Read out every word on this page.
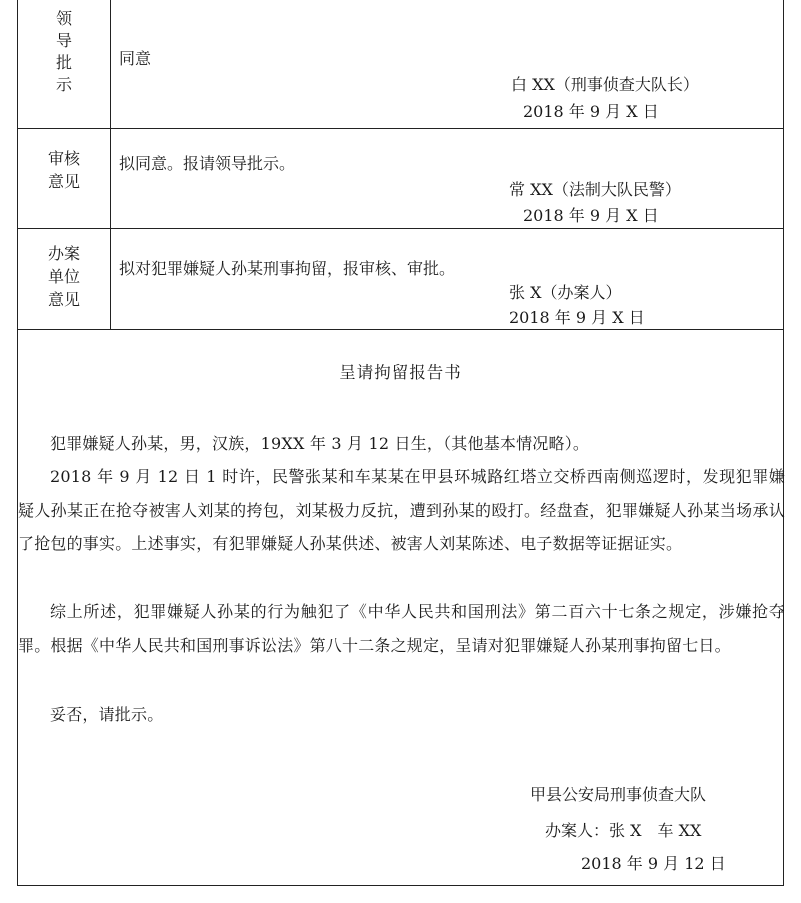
领
导
批
示
同意
白 XX（刑事侦查大队长）
2018 年 9 月 X 日
审核
意见
拟同意。报请领导批示。
常 XX（法制大队民警）
2018 年 9 月 X 日
办案
单位
意见
拟对犯罪嫌疑人孙某刑事拘留，报审核、审批。
张 X（办案人）
2018 年 9 月 X 日
呈请拘留报告书
犯罪嫌疑人孙某，男，汉族，19XX 年 3 月 12 日生，（其他基本情况略）。
2018 年 9 月 12 日 1 时许，民警张某和车某某在甲县环城路红塔立交桥西南侧巡逻时，发现犯罪嫌疑人孙某正在抢夺被害人刘某的挎包，刘某极力反抗，遭到孙某的殴打。经盘查，犯罪嫌疑人孙某当场承认了抢包的事实。上述事实，有犯罪嫌疑人孙某供述、被害人刘某陈述、电子数据等证据证实。
综上所述，犯罪嫌疑人孙某的行为触犯了《中华人民共和国刑法》第二百六十七条之规定，涉嫌抢夺罪。根据《中华人民共和国刑事诉讼法》第八十二条之规定，呈请对犯罪嫌疑人孙某刑事拘留七日。
妥否，请批示。
甲县公安局刑事侦查大队
办案人：张 X　车 XX
2018 年 9 月 12 日
